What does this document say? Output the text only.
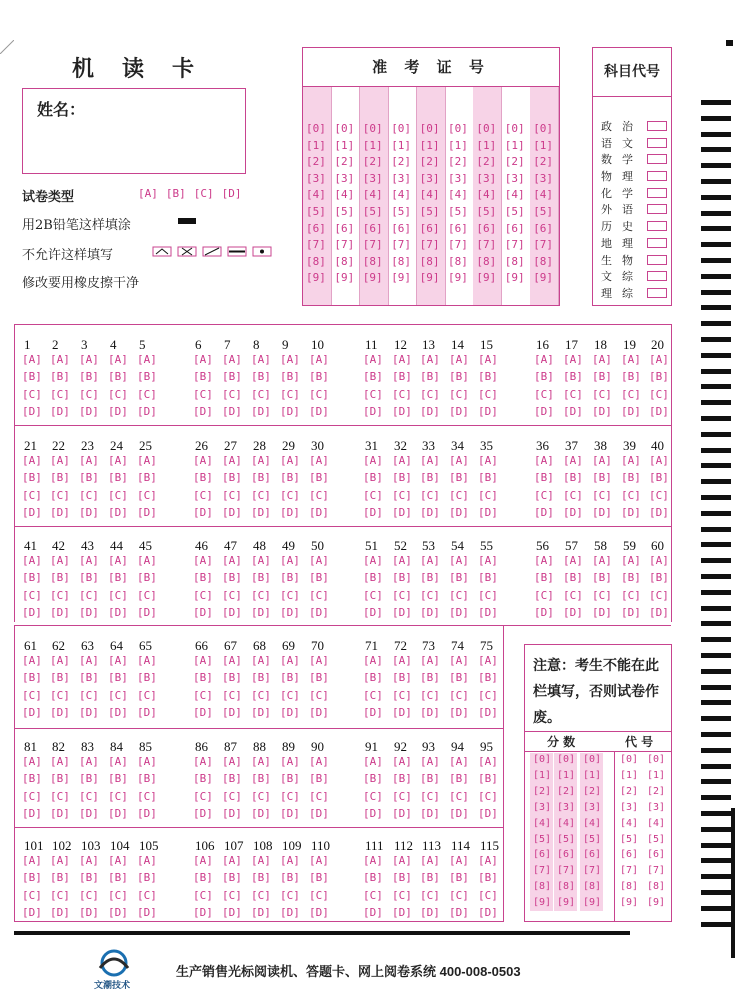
机读卡
姓名：
试卷类型	[A] [B] [C] [D]
用2B铅笔这样填涂
不允许这样填写
修改要用橡皮擦干净
准 考 证 号
[0]
[1]
[2]
[3]
[4]
[5]
[6]
[7]
[8]
[9]
[0]
[1]
[2]
[3]
[4]
[5]
[6]
[7]
[8]
[9]
[0]
[1]
[2]
[3]
[4]
[5]
[6]
[7]
[8]
[9]
[0]
[1]
[2]
[3]
[4]
[5]
[6]
[7]
[8]
[9]
[0]
[1]
[2]
[3]
[4]
[5]
[6]
[7]
[8]
[9]
[0]
[1]
[2]
[3]
[4]
[5]
[6]
[7]
[8]
[9]
[0]
[1]
[2]
[3]
[4]
[5]
[6]
[7]
[8]
[9]
[0]
[1]
[2]
[3]
[4]
[5]
[6]
[7]
[8]
[9]
[0]
[1]
[2]
[3]
[4]
[5]
[6]
[7]
[8]
[9]
科目代号
政治
语文
数学
物理
化学
外语
历史
地理
生物
文综
理综
1
[A]
[B]
[C]
[D]
2
[A]
[B]
[C]
[D]
3
[A]
[B]
[C]
[D]
4
[A]
[B]
[C]
[D]
5
[A]
[B]
[C]
[D]
6
[A]
[B]
[C]
[D]
7
[A]
[B]
[C]
[D]
8
[A]
[B]
[C]
[D]
9
[A]
[B]
[C]
[D]
10
[A]
[B]
[C]
[D]
11
[A]
[B]
[C]
[D]
12
[A]
[B]
[C]
[D]
13
[A]
[B]
[C]
[D]
14
[A]
[B]
[C]
[D]
15
[A]
[B]
[C]
[D]
16
[A]
[B]
[C]
[D]
17
[A]
[B]
[C]
[D]
18
[A]
[B]
[C]
[D]
19
[A]
[B]
[C]
[D]
20
[A]
[B]
[C]
[D]
21
[A]
[B]
[C]
[D]
22
[A]
[B]
[C]
[D]
23
[A]
[B]
[C]
[D]
24
[A]
[B]
[C]
[D]
25
[A]
[B]
[C]
[D]
26
[A]
[B]
[C]
[D]
27
[A]
[B]
[C]
[D]
28
[A]
[B]
[C]
[D]
29
[A]
[B]
[C]
[D]
30
[A]
[B]
[C]
[D]
31
[A]
[B]
[C]
[D]
32
[A]
[B]
[C]
[D]
33
[A]
[B]
[C]
[D]
34
[A]
[B]
[C]
[D]
35
[A]
[B]
[C]
[D]
36
[A]
[B]
[C]
[D]
37
[A]
[B]
[C]
[D]
38
[A]
[B]
[C]
[D]
39
[A]
[B]
[C]
[D]
40
[A]
[B]
[C]
[D]
41
[A]
[B]
[C]
[D]
42
[A]
[B]
[C]
[D]
43
[A]
[B]
[C]
[D]
44
[A]
[B]
[C]
[D]
45
[A]
[B]
[C]
[D]
46
[A]
[B]
[C]
[D]
47
[A]
[B]
[C]
[D]
48
[A]
[B]
[C]
[D]
49
[A]
[B]
[C]
[D]
50
[A]
[B]
[C]
[D]
51
[A]
[B]
[C]
[D]
52
[A]
[B]
[C]
[D]
53
[A]
[B]
[C]
[D]
54
[A]
[B]
[C]
[D]
55
[A]
[B]
[C]
[D]
56
[A]
[B]
[C]
[D]
57
[A]
[B]
[C]
[D]
58
[A]
[B]
[C]
[D]
59
[A]
[B]
[C]
[D]
60
[A]
[B]
[C]
[D]
61
[A]
[B]
[C]
[D]
62
[A]
[B]
[C]
[D]
63
[A]
[B]
[C]
[D]
64
[A]
[B]
[C]
[D]
65
[A]
[B]
[C]
[D]
66
[A]
[B]
[C]
[D]
67
[A]
[B]
[C]
[D]
68
[A]
[B]
[C]
[D]
69
[A]
[B]
[C]
[D]
70
[A]
[B]
[C]
[D]
71
[A]
[B]
[C]
[D]
72
[A]
[B]
[C]
[D]
73
[A]
[B]
[C]
[D]
74
[A]
[B]
[C]
[D]
75
[A]
[B]
[C]
[D]
81
[A]
[B]
[C]
[D]
82
[A]
[B]
[C]
[D]
83
[A]
[B]
[C]
[D]
84
[A]
[B]
[C]
[D]
85
[A]
[B]
[C]
[D]
86
[A]
[B]
[C]
[D]
87
[A]
[B]
[C]
[D]
88
[A]
[B]
[C]
[D]
89
[A]
[B]
[C]
[D]
90
[A]
[B]
[C]
[D]
91
[A]
[B]
[C]
[D]
92
[A]
[B]
[C]
[D]
93
[A]
[B]
[C]
[D]
94
[A]
[B]
[C]
[D]
95
[A]
[B]
[C]
[D]
101
[A]
[B]
[C]
[D]
102
[A]
[B]
[C]
[D]
103
[A]
[B]
[C]
[D]
104
[A]
[B]
[C]
[D]
105
[A]
[B]
[C]
[D]
106
[A]
[B]
[C]
[D]
107
[A]
[B]
[C]
[D]
108
[A]
[B]
[C]
[D]
109
[A]
[B]
[C]
[D]
110
[A]
[B]
[C]
[D]
111
[A]
[B]
[C]
[D]
112
[A]
[B]
[C]
[D]
113
[A]
[B]
[C]
[D]
114
[A]
[B]
[C]
[D]
115
[A]
[B]
[C]
[D]
注意：考生不能在此栏填写，否则试卷作废。
分 数	代 号
[0]
[1]
[2]
[3]
[4]
[5]
[6]
[7]
[8]
[9]
[0]
[1]
[2]
[3]
[4]
[5]
[6]
[7]
[8]
[9]
[0]
[1]
[2]
[3]
[4]
[5]
[6]
[7]
[8]
[9]
[0]
[1]
[2]
[3]
[4]
[5]
[6]
[7]
[8]
[9]
[0]
[1]
[2]
[3]
[4]
[5]
[6]
[7]
[8]
[9]
文潮技术
生产销售光标阅读机、答题卡、网上阅卷系统 400-008-0503
